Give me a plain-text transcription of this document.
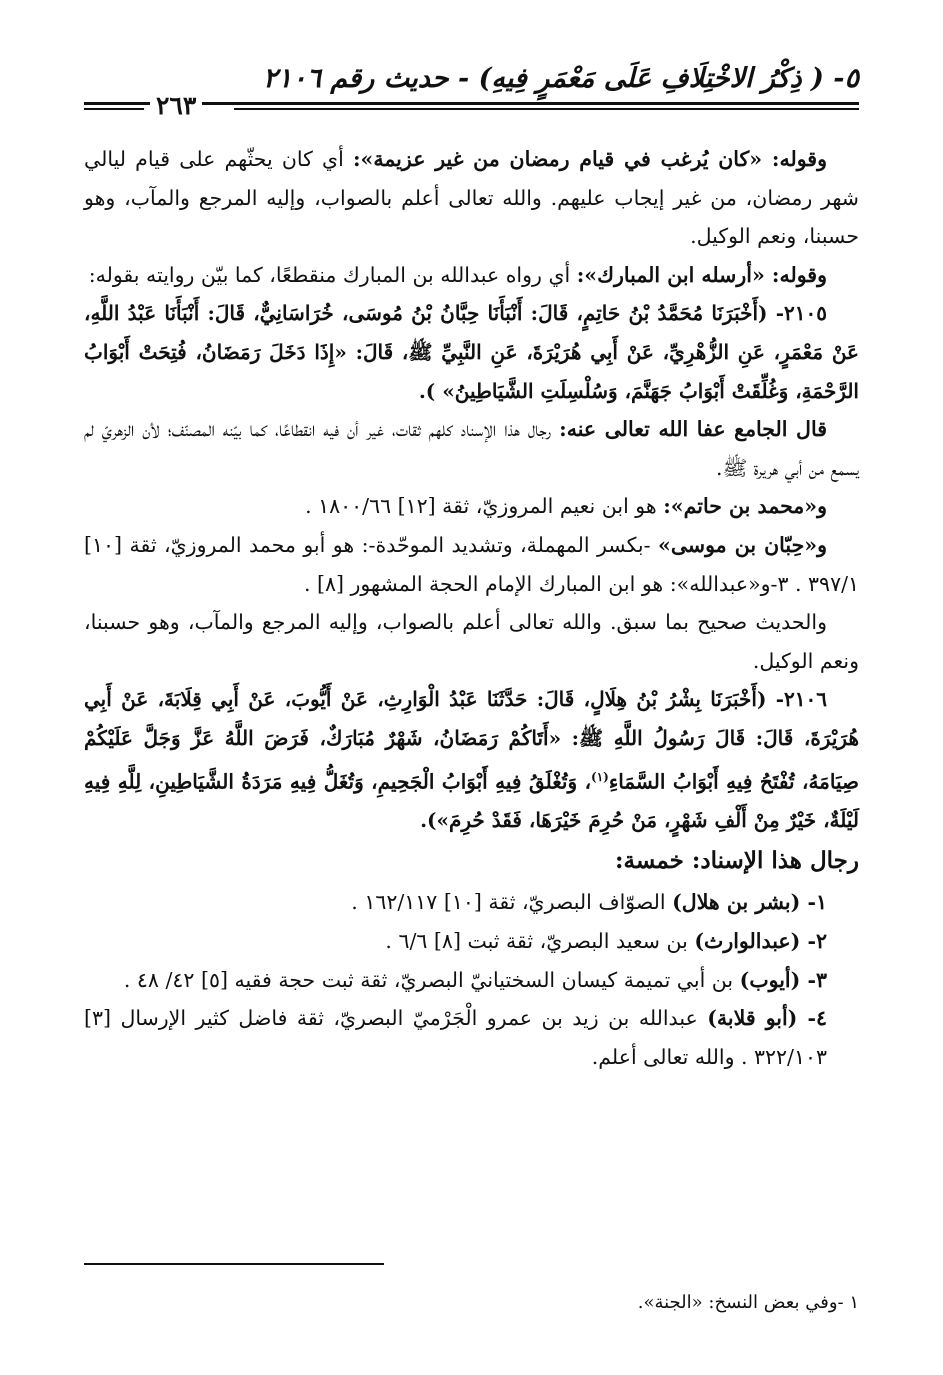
٥- ( ذِكْرُ الاخْتِلَافِ عَلَى مَعْمَرٍ فِيهِ) - حديث رقم ٢١٠٦
٢٦٣

وقوله: «كان يُرغب في قيام رمضان من غير عزيمة»: أي كان يحثّهم على قيام ليالي شهر رمضان، من غير إيجاب عليهم. والله تعالى أعلم بالصواب، وإليه المرجع والمآب، وهو حسبنا، ونعم الوكيل.

وقوله: «أرسله ابن المبارك»: أي رواه عبدالله بن المبارك منقطعًا، كما بيّن روايته بقوله:

٢١٠٥- (أَخْبَرَنَا مُحَمَّدُ بْنُ حَاتِمٍ، قَالَ: أَنْبَأَنَا حِبَّانُ بْنُ مُوسَى، خُرَاسَانِيٌّ، قَالَ: أَنْبَأَنَا عَبْدُ اللَّهِ، عَنْ مَعْمَرٍ، عَنِ الزُّهْرِيِّ، عَنْ أَبِي هُرَيْرَةَ، عَنِ النَّبِيِّ ﷺ، قَالَ: «إِذَا دَخَلَ رَمَضَانُ، فُتِحَتْ أَبْوَابُ الرَّحْمَةِ، وَغُلِّقَتْ أَبْوَابُ جَهَنَّمَ، وَسُلْسِلَتِ الشَّيَاطِينُ» ).

قال الجامع عفا الله تعالى عنه: رجال هذا الإسناد كلهم ثقات، غير أن فيه انقطاعًا، كما بيّنه المصنّف؛ لأن الزهريّ لم يسمع من أبي هريرة ﷺ.

و«محمد بن حاتم»: هو ابن نعيم المروزيّ، ثقة [١٢] ١٨٠٠/٦٦ .

و«حِبّان بن موسى» -بكسر المهملة، وتشديد الموحّدة-: هو أبو محمد المروزيّ، ثقة [١٠] ٣٩٧/١ . ٣-و«عبدالله»: هو ابن المبارك الإمام الحجة المشهور [٨] .

والحديث صحيح بما سبق. والله تعالى أعلم بالصواب، وإليه المرجع والمآب، وهو حسبنا، ونعم الوكيل.

٢١٠٦- (أَخْبَرَنَا بِشْرُ بْنُ هِلَالٍ، قَالَ: حَدَّثَنَا عَبْدُ الْوَارِثِ، عَنْ أَيُّوبَ، عَنْ أَبِي قِلَابَةَ، عَنْ أَبِي هُرَيْرَةَ، قَالَ: قَالَ رَسُولُ اللَّهِ ﷺ: «أَتَاكُمْ رَمَضَانُ، شَهْرٌ مُبَارَكٌ، فَرَضَ اللَّهُ عَزَّ وَجَلَّ عَلَيْكُمْ صِيَامَهُ، تُفْتَحُ فِيهِ أَبْوَابُ السَّمَاءِ$^{(١)}$، وَتُغْلَقُ فِيهِ أَبْوَابُ الْجَحِيمِ، وَتُغَلُّ فِيهِ مَرَدَةُ الشَّيَاطِينِ، لِلَّهِ فِيهِ لَيْلَةٌ، خَيْرٌ مِنْ أَلْفِ شَهْرٍ، مَنْ حُرِمَ خَيْرَهَا، فَقَدْ حُرِمَ»).

رجال هذا الإسناد: خمسة:

١- (بشر بن هلال) الصوّاف البصريّ، ثقة [١٠] ١٦٢/١١٧ .

٢- (عبدالوارث) بن سعيد البصريّ، ثقة ثبت [٨] ٦/٦ .

٣- (أيوب) بن أبي تميمة كيسان السختيانيّ البصريّ، ثقة ثبت حجة فقيه [٥] ٤٢/ ٤٨ .

٤- (أبو قلابة) عبدالله بن زيد بن عمرو الْجَرْميّ البصريّ، ثقة فاضل كثير الإرسال [٣] ٣٢٢/١٠٣ . والله تعالى أعلم.

١ -وفي بعض النسخ: «الجنة».
